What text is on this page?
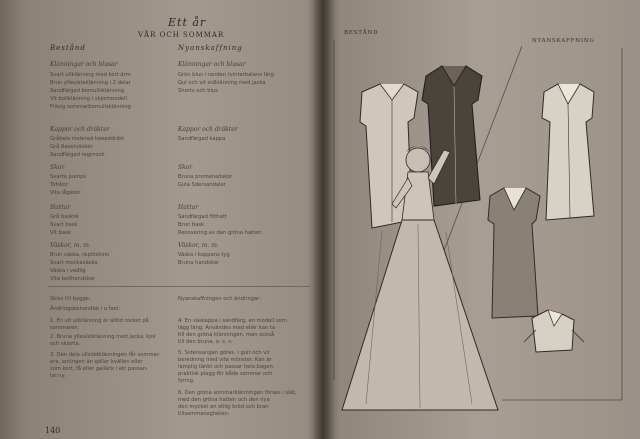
Ett år
VÅR OCH SOMMAR
Bestånd	Nyanskaffning
Klänningar och blusar
Svart ullklänning med kort ärm
Brun ylleulsteklänning i 2 delar
Sandfärgad bomullsklänning
Vit bollklänning i skjortmodell
Fräsig sommarbomullsklänning
Kappor och dräkter
Gråbeis melerad tweeddräkt
Grå Rasetväskor
Sandfärgad regnrock
Skor
Svarta pumps
Tofskor
Vita lågskor
Hattar
Grå basksk
Svart bask
Vit bask
Väskor, m. m.
Brun väska, reptilskinn
Svart mockaväska
Väska i vadlig
Vita bollhandskar
Skiss till bygge:
Ändringsbehandlat i o.fast:
1. En vit ullklänning är alltid rocket på
sommaren.
2. Bruna ylleulstklänning med jacka, kjol
och skjorta.
3. Den dela ullsiddklänningen får sommar-
era, antingen än gällar kvällen eller
som kort, få eller galläck i ett passan-
tal ny.
Klänningar och blusar
Grön blus i randen (vinterbalans färg
Gul och vit sidklänning med jacka
Shorts och blus
Kappor och dräkter
Sandfärgad kappa
Skor
Bruna promenadskor
Gula Sdersandaler
Hattar
Sandfärgad filthatt
Brun bask
Recovering av den gröna hatten
Väskor, m. m.
Väska i kappans tyg
Bruna handskar
Nyanskaffningen och ändringar:
4. En väskappa i sandfärg, en modell som
lägg läng. Användes med eller kan ta
till den gröna klänningen, men också
till den bruna, o. s. v.
5. Sidensangen göres, i gult och vit
beredning med vita mönster. Kan är
lämplig tänkt och passar hela bagen,
praktisk plagg för både sommar och
fyring.
6. Den gröna sommarklänningen förses i slät,
med den gröna hatten och den nya
den mycket en stilig bröd och bran
tillsammansgheten.
140
BESTÅND
NYANSKAFFNING
